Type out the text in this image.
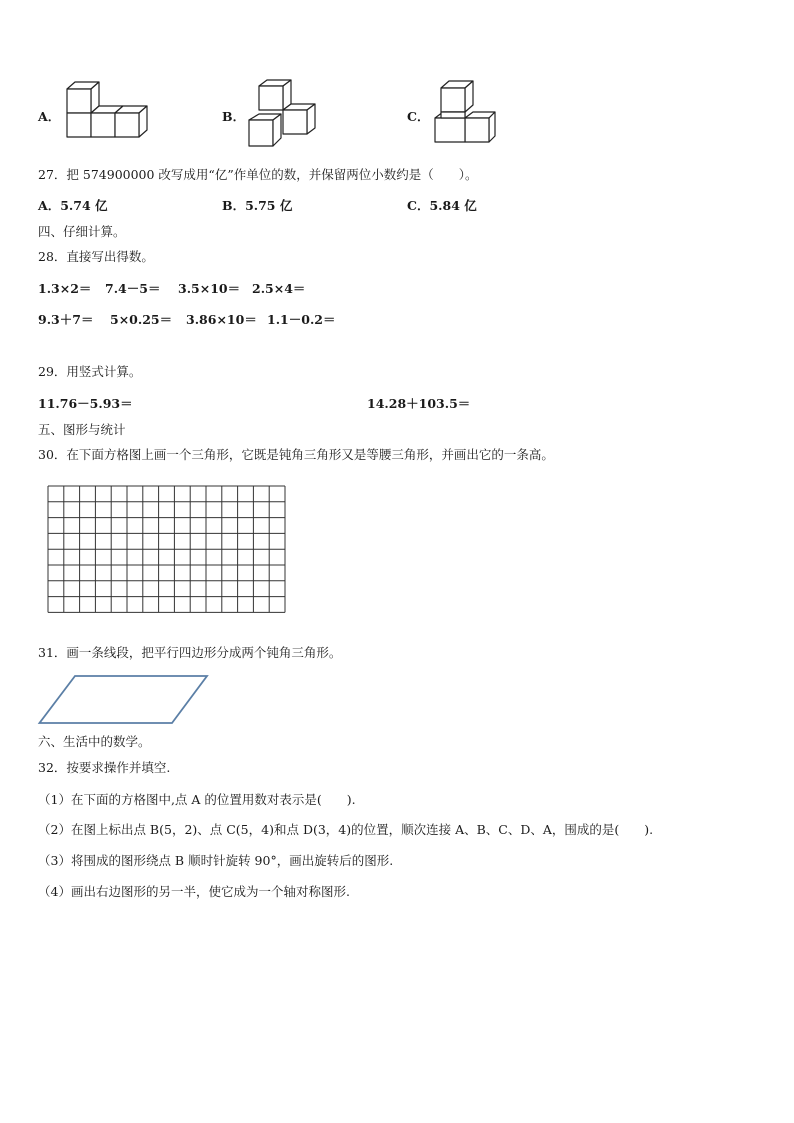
A．	B．	C．
27．把 574900000 改写成用“亿”作单位的数，并保留两位小数约是（　　）。
A．5.74 亿	B．5.75 亿	C．5.84 亿
四、仔细计算。
28．直接写出得数。
1.3×2＝ 7.4－5＝ 3.5×10＝ 2.5×4＝
9.3＋7＝ 5×0.25＝ 3.86×10＝ 1.1－0.2＝
29．用竖式计算。
11.76－5.93＝	14.28＋103.5＝
五、图形与统计
30．在下面方格图上画一个三角形，它既是钝角三角形又是等腰三角形，并画出它的一条高。
31．画一条线段，把平行四边形分成两个钝角三角形。
六、生活中的数学。
32．按要求操作并填空.
（1）在下面的方格图中,点 A 的位置用数对表示是(　　).
（2）在图上标出点 B(5，2)、点 C(5，4)和点 D(3，4)的位置，顺次连接 A、B、C、D、A，围成的是(　　).
（3）将围成的图形绕点 B 顺时针旋转 90°，画出旋转后的图形.
（4）画出右边图形的另一半，使它成为一个轴对称图形.
